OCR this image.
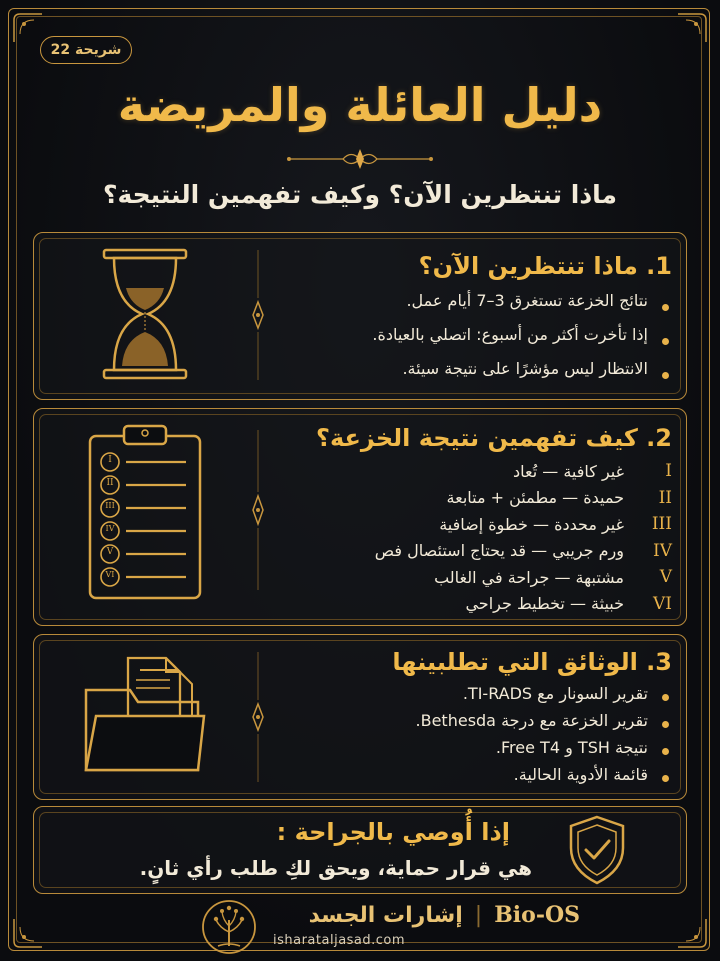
شريحة 22
دليل العائلة والمريضة
ماذا تنتظرين الآن؟ وكيف تفهمين النتيجة؟
1. ماذا تنتظرين الآن؟
نتائج الخزعة تستغرق 3–7 أيام عمل.
إذا تأخرت أكثر من أسبوع: اتصلي بالعيادة.
الانتظار ليس مؤشرًا على نتيجة سيئة.
I
II
III
IV
V
VI
2. كيف تفهمين نتيجة الخزعة؟
I
غير كافية — تُعاد
II
حميدة — مطمئن + متابعة
III
غير محددة — خطوة إضافية
IV
ورم جريبي — قد يحتاج استئصال فص
V
مشتبهة — جراحة في الغالب
VI
خبيثة — تخطيط جراحي
3. الوثائق التي تطلبينها
تقرير السونار مع TI-RADS.
تقرير الخزعة مع درجة Bethesda.
نتيجة TSH و Free T4.
قائمة الأدوية الحالية.
إذا أُوصي بالجراحة :
هي قرار حماية، ويحق لكِ طلب رأي ثانٍ.
إشارات الجسد | Bio-OS
isharataljasad.com
